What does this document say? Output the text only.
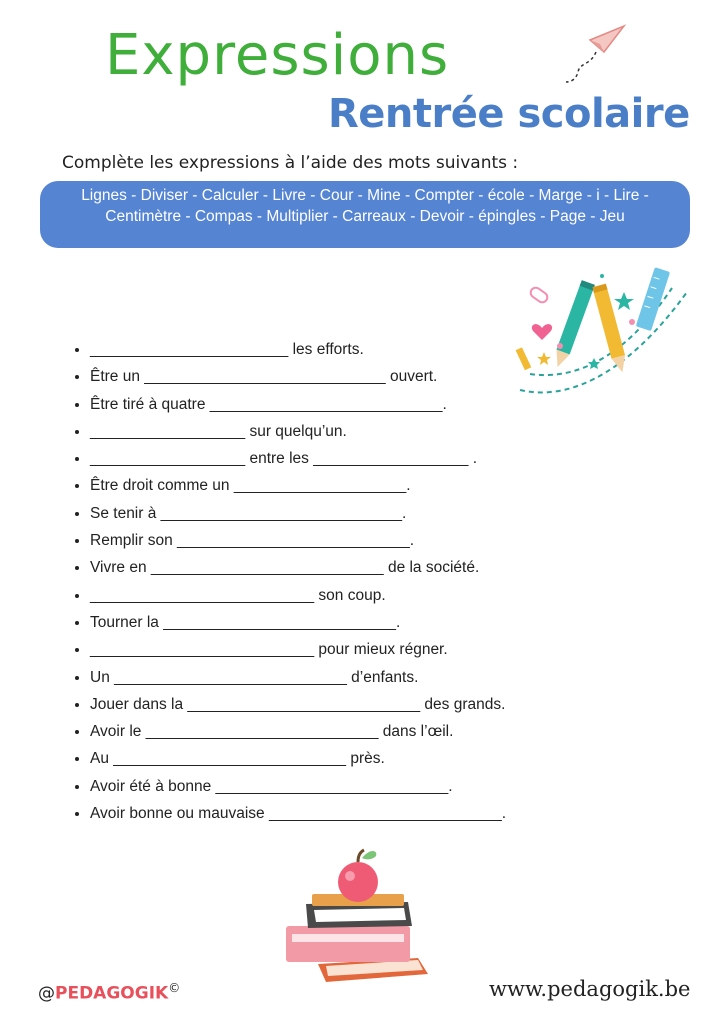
Expressions
Rentrée scolaire
Complète les expressions à l’aide des mots suivants :
Lignes - Diviser - Calculer - Livre - Cour - Mine - Compter - école - Marge - i - Lire - Centimètre - Compas - Multiplier - Carreaux - Devoir - épingles - Page - Jeu
• _______________________ les efforts.
• Être un ____________________________ ouvert.
• Être tiré à quatre ___________________________.
• __________________ sur quelqu’un.
• __________________ entre les __________________ .
• Être droit comme un ____________________.
• Se tenir à ____________________________.
• Remplir son ___________________________.
• Vivre en ___________________________ de la société.
• __________________________ son coup.
• Tourner la ___________________________.
• __________________________ pour mieux régner.
• Un ___________________________ d’enfants.
• Jouer dans la ___________________________ des grands.
• Avoir le ___________________________ dans l’œil.
• Au ___________________________ près.
• Avoir été à bonne ___________________________.
• Avoir bonne ou mauvaise ___________________________.
@PEDAGOGIK©	www.pedagogik.be
